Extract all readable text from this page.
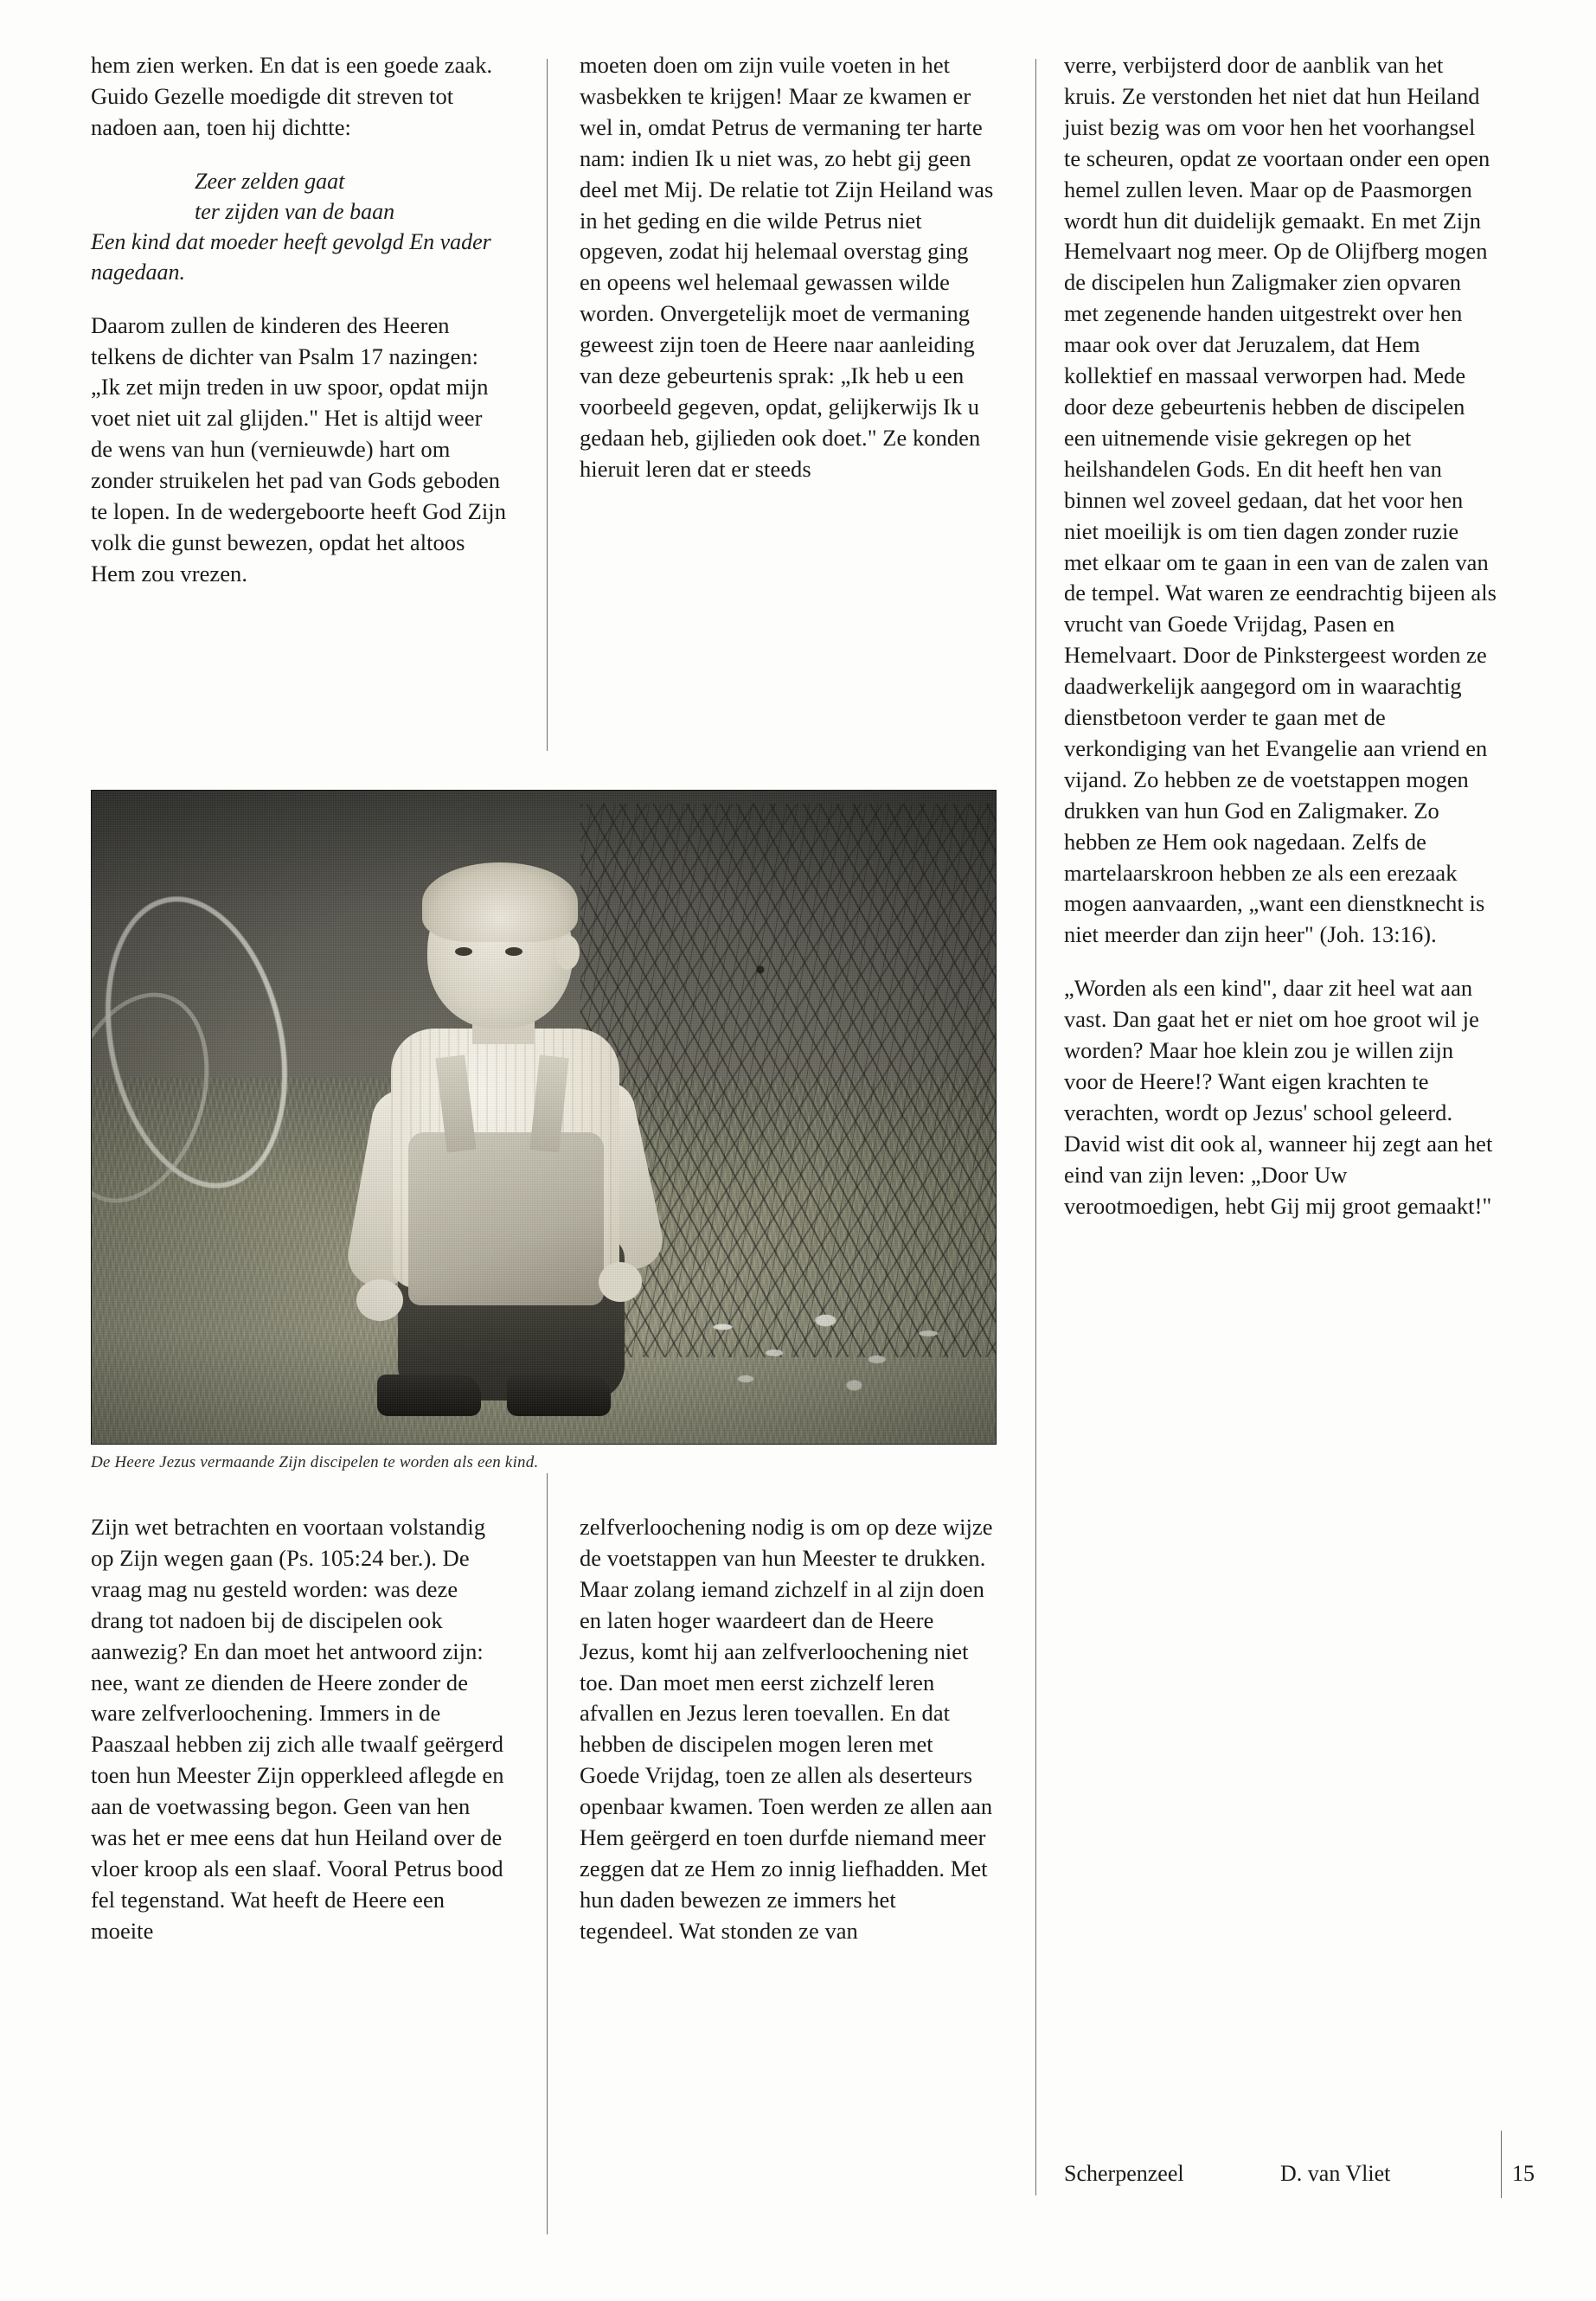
hem zien werken. En dat is een goede zaak. Guido Gezelle moedigde dit streven tot nadoen aan, toen hij dichtte:

Zeer zelden gaat
ter zijden van de baan
Een kind dat moeder heeft gevolgd En vader nagedaan.

Daarom zullen de kinderen des Heeren telkens de dichter van Psalm 17 nazingen: „Ik zet mijn treden in uw spoor, opdat mijn voet niet uit zal glijden." Het is altijd weer de wens van hun (vernieuwde) hart om zonder struikelen het pad van Gods geboden te lopen. In de wedergeboorte heeft God Zijn volk die gunst bewezen, opdat het altoos Hem zou vrezen.

moeten doen om zijn vuile voeten in het wasbekken te krijgen! Maar ze kwamen er wel in, omdat Petrus de vermaning ter harte nam: indien Ik u niet was, zo hebt gij geen deel met Mij. De relatie tot Zijn Heiland was in het geding en die wilde Petrus niet opgeven, zodat hij helemaal overstag ging en opeens wel helemaal gewassen wilde worden. Onvergetelijk moet de vermaning geweest zijn toen de Heere naar aanleiding van deze gebeurtenis sprak: „Ik heb u een voorbeeld gegeven, opdat, gelijkerwijs Ik u gedaan heb, gijlieden ook doet." Ze konden hieruit leren dat er steeds

verre, verbijsterd door de aanblik van het kruis. Ze verstonden het niet dat hun Heiland juist bezig was om voor hen het voorhangsel te scheuren, opdat ze voortaan onder een open hemel zullen leven. Maar op de Paasmorgen wordt hun dit duidelijk gemaakt. En met Zijn Hemelvaart nog meer. Op de Olijfberg mogen de discipelen hun Zaligmaker zien opvaren met zegenende handen uitgestrekt over hen maar ook over dat Jeruzalem, dat Hem kollektief en massaal verworpen had. Mede door deze gebeurtenis hebben de discipelen een uitnemende visie gekregen op het heilshandelen Gods. En dit heeft hen van binnen wel zoveel gedaan, dat het voor hen niet moeilijk is om tien dagen zonder ruzie met elkaar om te gaan in een van de zalen van de tempel. Wat waren ze eendrachtig bijeen als vrucht van Goede Vrijdag, Pasen en Hemelvaart. Door de Pinkstergeest worden ze daadwerkelijk aangegord om in waarachtig dienstbetoon verder te gaan met de verkondiging van het Evangelie aan vriend en vijand. Zo hebben ze de voetstappen mogen drukken van hun God en Zaligmaker. Zo hebben ze Hem ook nagedaan. Zelfs de martelaarskroon hebben ze als een erezaak mogen aanvaarden, „want een dienstknecht is niet meerder dan zijn heer" (Joh. 13:16).

„Worden als een kind", daar zit heel wat aan vast. Dan gaat het er niet om hoe groot wil je worden? Maar hoe klein zou je willen zijn voor de Heere!? Want eigen krachten te verachten, wordt op Jezus' school geleerd. David wist dit ook al, wanneer hij zegt aan het eind van zijn leven: „Door Uw verootmoedigen, hebt Gij mij groot gemaakt!"

De Heere Jezus vermaande Zijn discipelen te worden als een kind.

Zijn wet betrachten en voortaan volstandig op Zijn wegen gaan (Ps. 105:24 ber.). De vraag mag nu gesteld worden: was deze drang tot nadoen bij de discipelen ook aanwezig? En dan moet het antwoord zijn: nee, want ze dienden de Heere zonder de ware zelfverloochening. Immers in de Paaszaal hebben zij zich alle twaalf geërgerd toen hun Meester Zijn opperkleed aflegde en aan de voetwassing begon. Geen van hen was het er mee eens dat hun Heiland over de vloer kroop als een slaaf. Vooral Petrus bood fel tegenstand. Wat heeft de Heere een moeite

zelfverloochening nodig is om op deze wijze de voetstappen van hun Meester te drukken. Maar zolang iemand zichzelf in al zijn doen en laten hoger waardeert dan de Heere Jezus, komt hij aan zelfverloochening niet toe. Dan moet men eerst zichzelf leren afvallen en Jezus leren toevallen. En dat hebben de discipelen mogen leren met Goede Vrijdag, toen ze allen als deserteurs openbaar kwamen. Toen werden ze allen aan Hem geërgerd en toen durfde niemand meer zeggen dat ze Hem zo innig liefhadden. Met hun daden bewezen ze immers het tegendeel. Wat stonden ze van

Scherpenzeel	D. van Vliet	15
